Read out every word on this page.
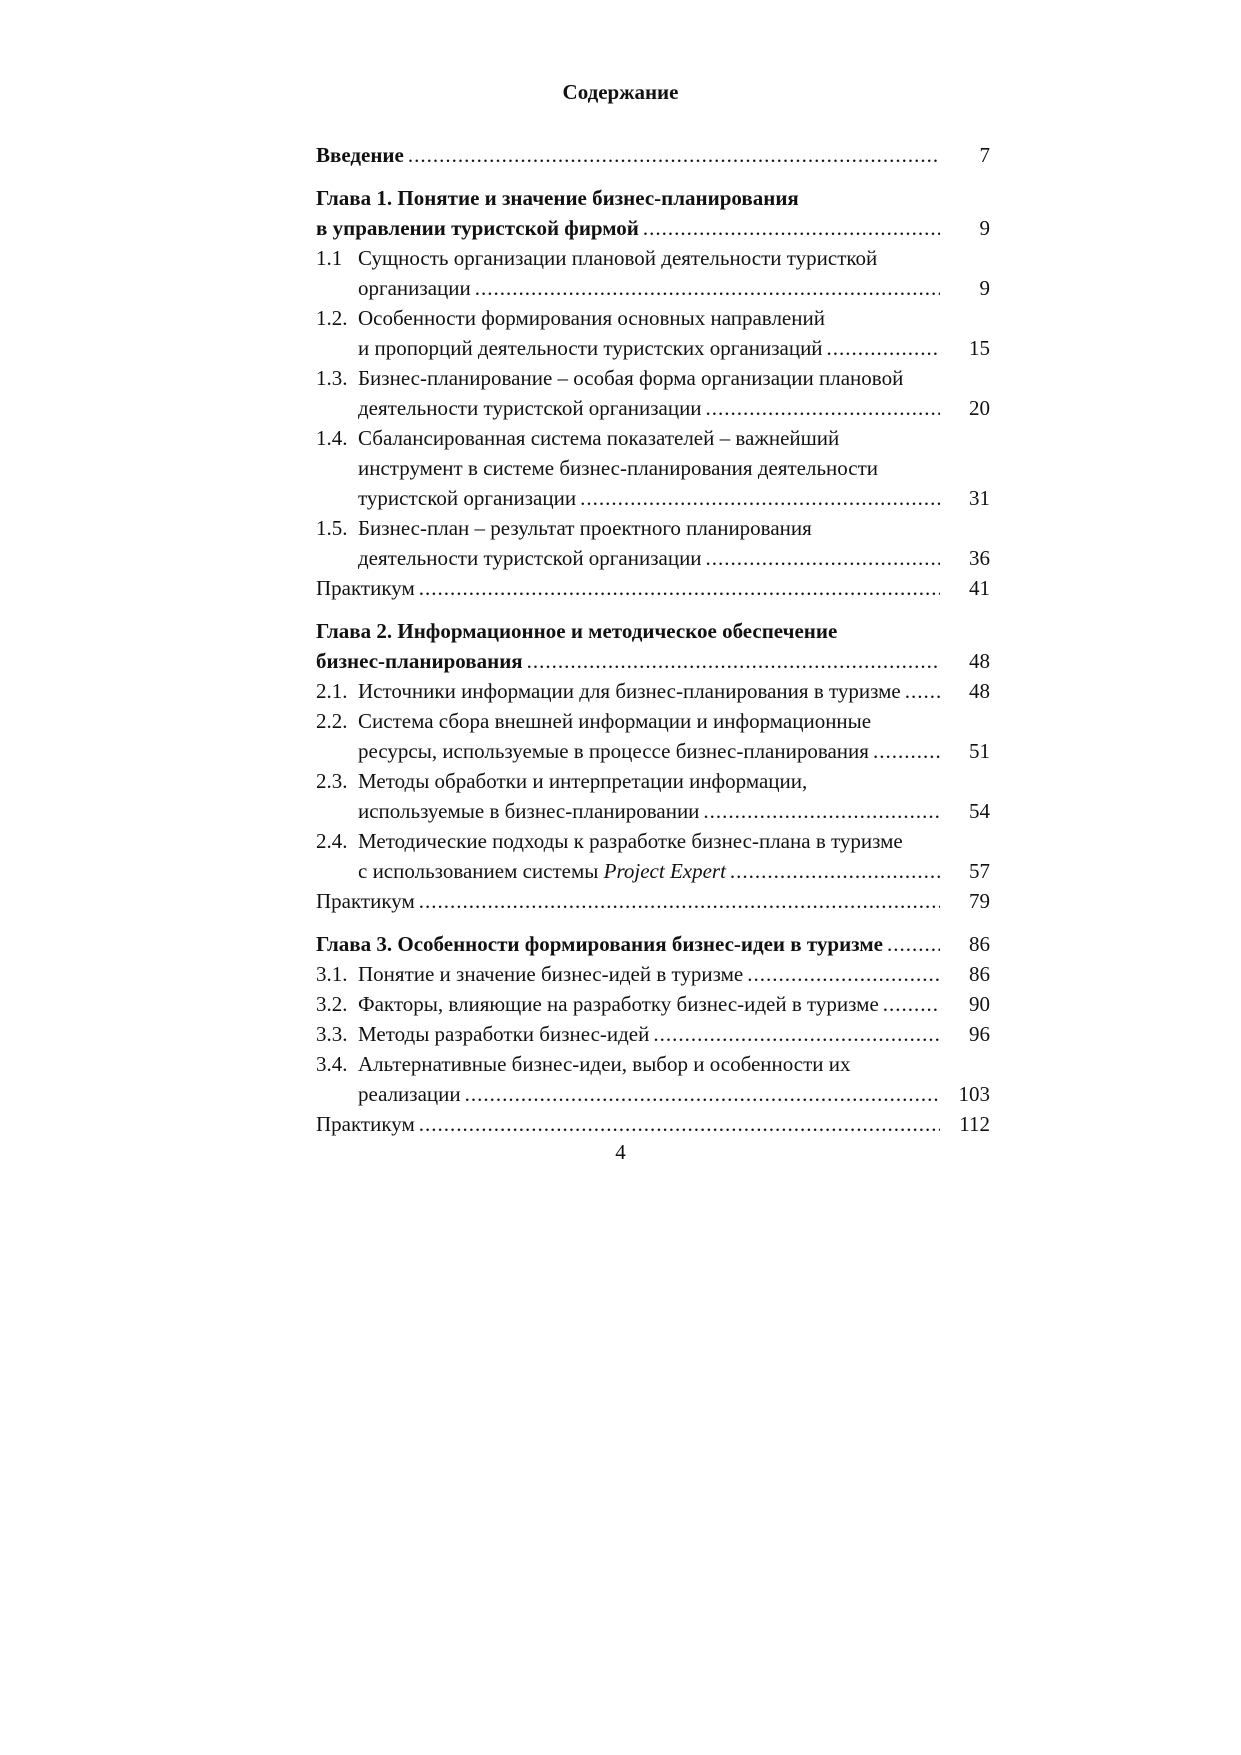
Содержание
Введение .....	7
Глава 1. Понятие и значение бизнес-планирования
в управлении туристской фирмой .....	9
1.1 Сущность организации плановой деятельности туристкой
организации .....	9
1.2. Особенности формирования основных направлений
и пропорций деятельности туристских организаций .....	15
1.3. Бизнес-планирование – особая форма организации плановой
деятельности туристской организации .....	20
1.4. Сбалансированная система показателей – важнейший
инструмент в системе бизнес-планирования деятельности
туристской организации .....	31
1.5. Бизнес-план – результат проектного планирования
деятельности туристской организации .....	36
Практикум .....	41
Глава 2. Информационное и методическое обеспечение
бизнес-планирования .....	48
2.1. Источники информации для бизнес-планирования в туризме .....	48
2.2. Система сбора внешней информации и информационные
ресурсы, используемые в процессе бизнес-планирования .....	51
2.3. Методы обработки и интерпретации информации,
используемые в бизнес-планировании .....	54
2.4. Методические подходы к разработке бизнес-плана в туризме
с использованием системы Project Expert .....	57
Практикум .....	79
Глава 3. Особенности формирования бизнес-идеи в туризме .....	86
3.1. Понятие и значение бизнес-идей в туризме .....	86
3.2. Факторы, влияющие на разработку бизнес-идей в туризме .....	90
3.3. Методы разработки бизнес-идей .....	96
3.4. Альтернативные бизнес-идеи, выбор и особенности их
реализации .....	103
Практикум .....	112
4
